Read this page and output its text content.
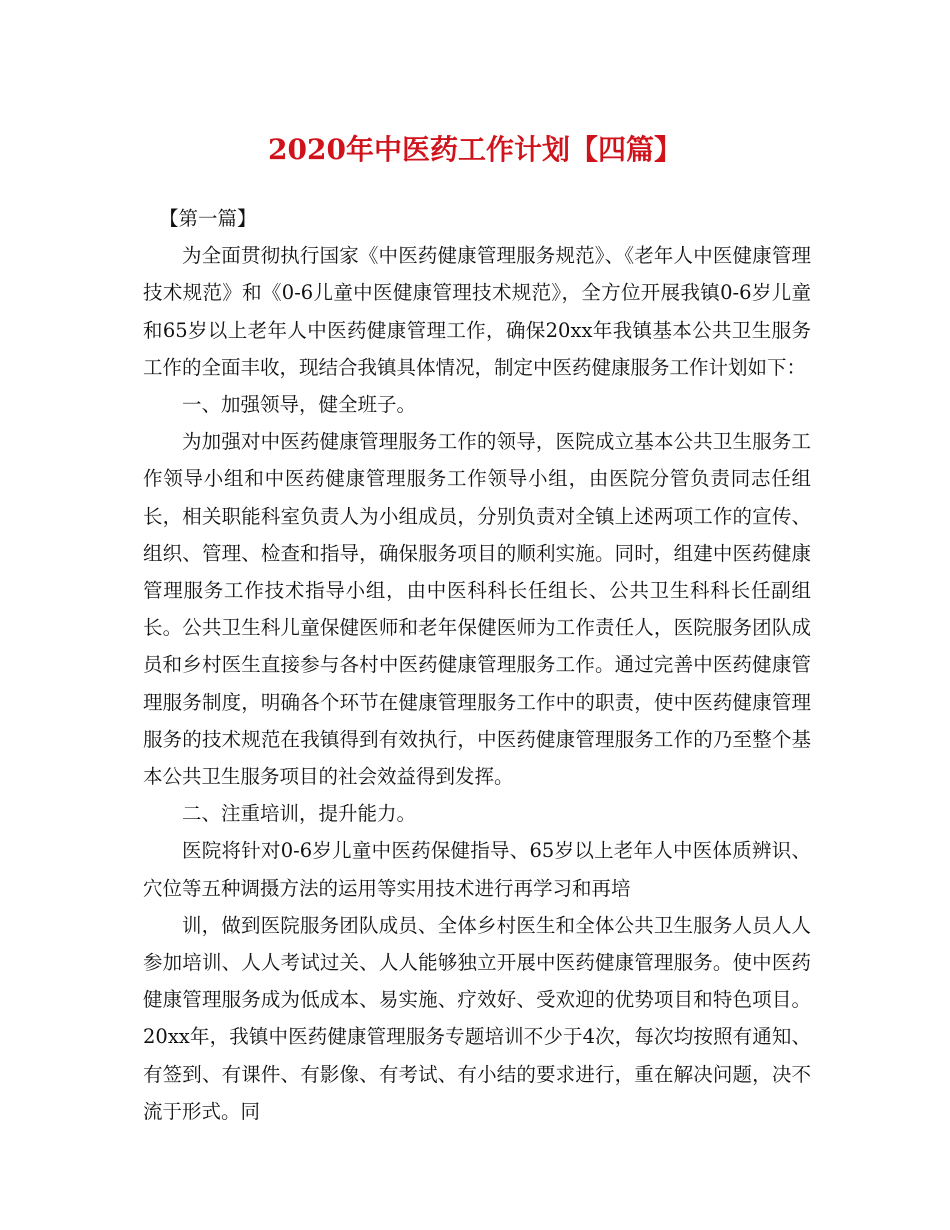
2020年中医药工作计划【四篇】

【第一篇】

为全面贯彻执行国家《中医药健康管理服务规范》、《老年人中医健康管理技术规范》和《0-6儿童中医健康管理技术规范》，全方位开展我镇0-6岁儿童和65岁以上老年人中医药健康管理工作，确保20xx年我镇基本公共卫生服务工作的全面丰收，现结合我镇具体情况，制定中医药健康服务工作计划如下：

一、加强领导，健全班子。

为加强对中医药健康管理服务工作的领导，医院成立基本公共卫生服务工作领导小组和中医药健康管理服务工作领导小组，由医院分管负责同志任组长，相关职能科室负责人为小组成员，分别负责对全镇上述两项工作的宣传、组织、管理、检查和指导，确保服务项目的顺利实施。同时，组建中医药健康管理服务工作技术指导小组，由中医科科长任组长、公共卫生科科长任副组长。公共卫生科儿童保健医师和老年保健医师为工作责任人，医院服务团队成员和乡村医生直接参与各村中医药健康管理服务工作。通过完善中医药健康管理服务制度，明确各个环节在健康管理服务工作中的职责，使中医药健康管理服务的技术规范在我镇得到有效执行，中医药健康管理服务工作的乃至整个基本公共卫生服务项目的社会效益得到发挥。

二、注重培训，提升能力。

医院将针对0-6岁儿童中医药保健指导、65岁以上老年人中医体质辨识、穴位等五种调摄方法的运用等实用技术进行再学习和再培

训，做到医院服务团队成员、全体乡村医生和全体公共卫生服务人员人人参加培训、人人考试过关、人人能够独立开展中医药健康管理服务。使中医药健康管理服务成为低成本、易实施、疗效好、受欢迎的优势项目和特色项目。20xx年，我镇中医药健康管理服务专题培训不少于4次，每次均按照有通知、有签到、有课件、有影像、有考试、有小结的要求进行，重在解决问题，决不流于形式。同
